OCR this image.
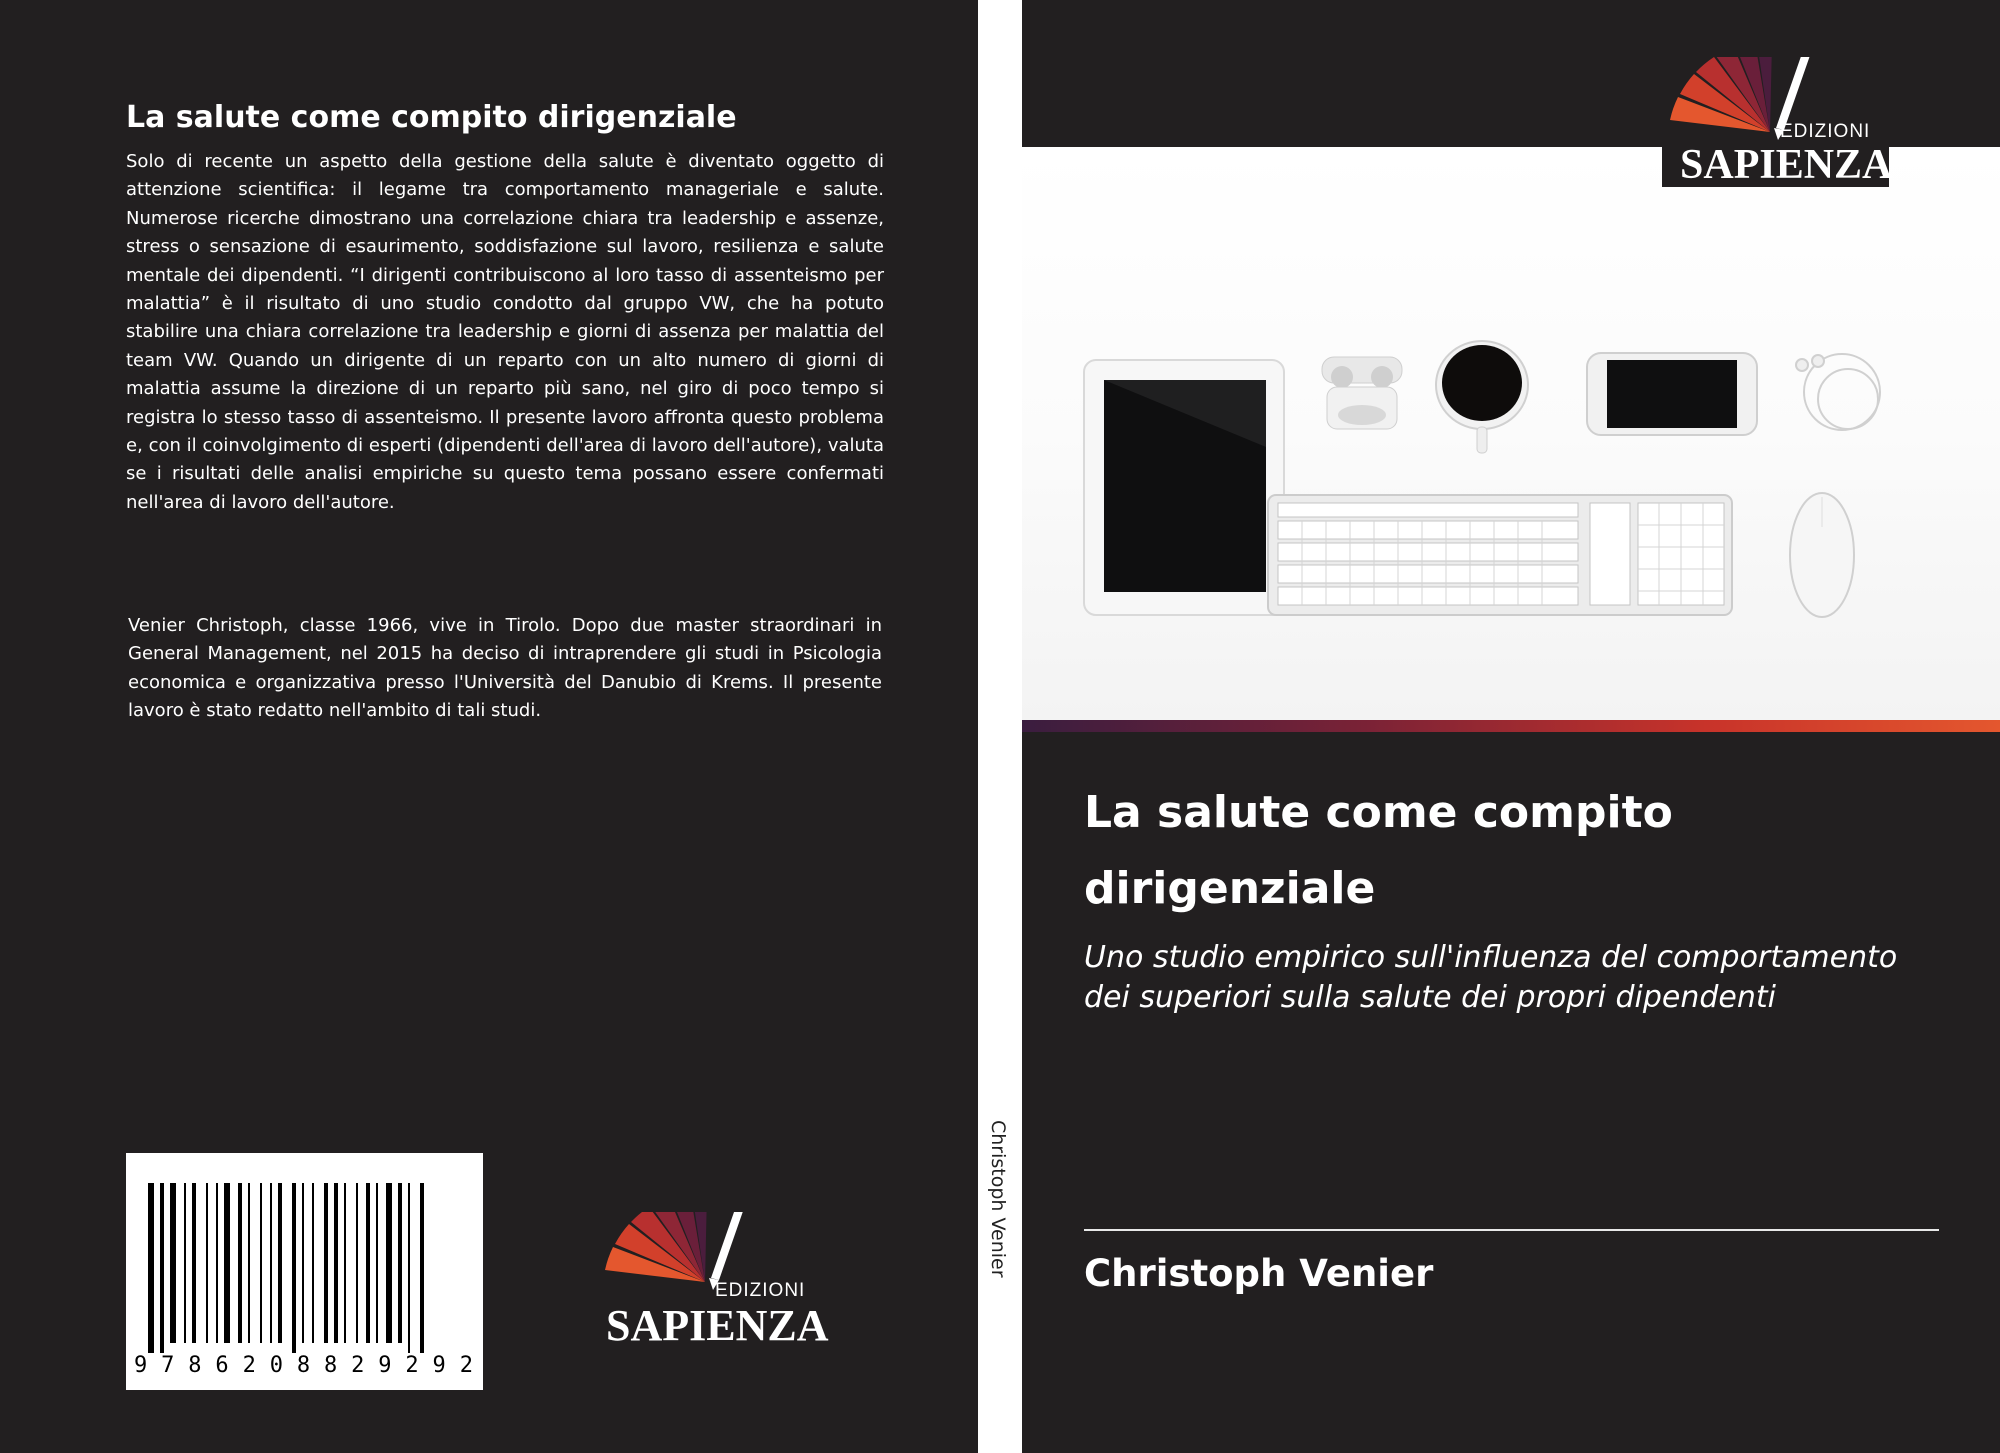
La salute come compito dirigenziale

Solo di recente un aspetto della gestione della salute è diventato oggetto di attenzione scientifica: il legame tra comportamento manageriale e salute. Numerose ricerche dimostrano una correlazione chiara tra leadership e assenze, stress o sensazione di esaurimento, soddisfazione sul lavoro, resilienza e salute mentale dei dipendenti. “I dirigenti contribuiscono al loro tasso di assenteismo per malattia” è il risultato di uno studio condotto dal gruppo VW, che ha potuto stabilire una chiara correlazione tra leadership e giorni di assenza per malattia del team VW. Quando un dirigente di un reparto con un alto numero di giorni di malattia assume la direzione di un reparto più sano, nel giro di poco tempo si registra lo stesso tasso di assenteismo. Il presente lavoro affronta questo problema e, con il coinvolgimento di esperti (dipendenti dell'area di lavoro dell'autore), valuta se i risultati delle analisi empiriche su questo tema possano essere confermati nell'area di lavoro dell'autore.

Venier Christoph, classe 1966, vive in Tirolo. Dopo due master straordinari in General Management, nel 2015 ha deciso di intraprendere gli studi in Psicologia economica e organizzativa presso l'Università del Danubio di Krems. Il presente lavoro è stato redatto nell'ambito di tali studi.

9 7 8 6 2 0 8 8 2 9 2 9 2
EDIZIONI
SAPIENZA
Christoph Venier
EDIZIONI
SAPIENZA
La salute come compito dirigenziale

Uno studio empirico sull'influenza del comportamento dei superiori sulla salute dei propri dipendenti

Christoph Venier
